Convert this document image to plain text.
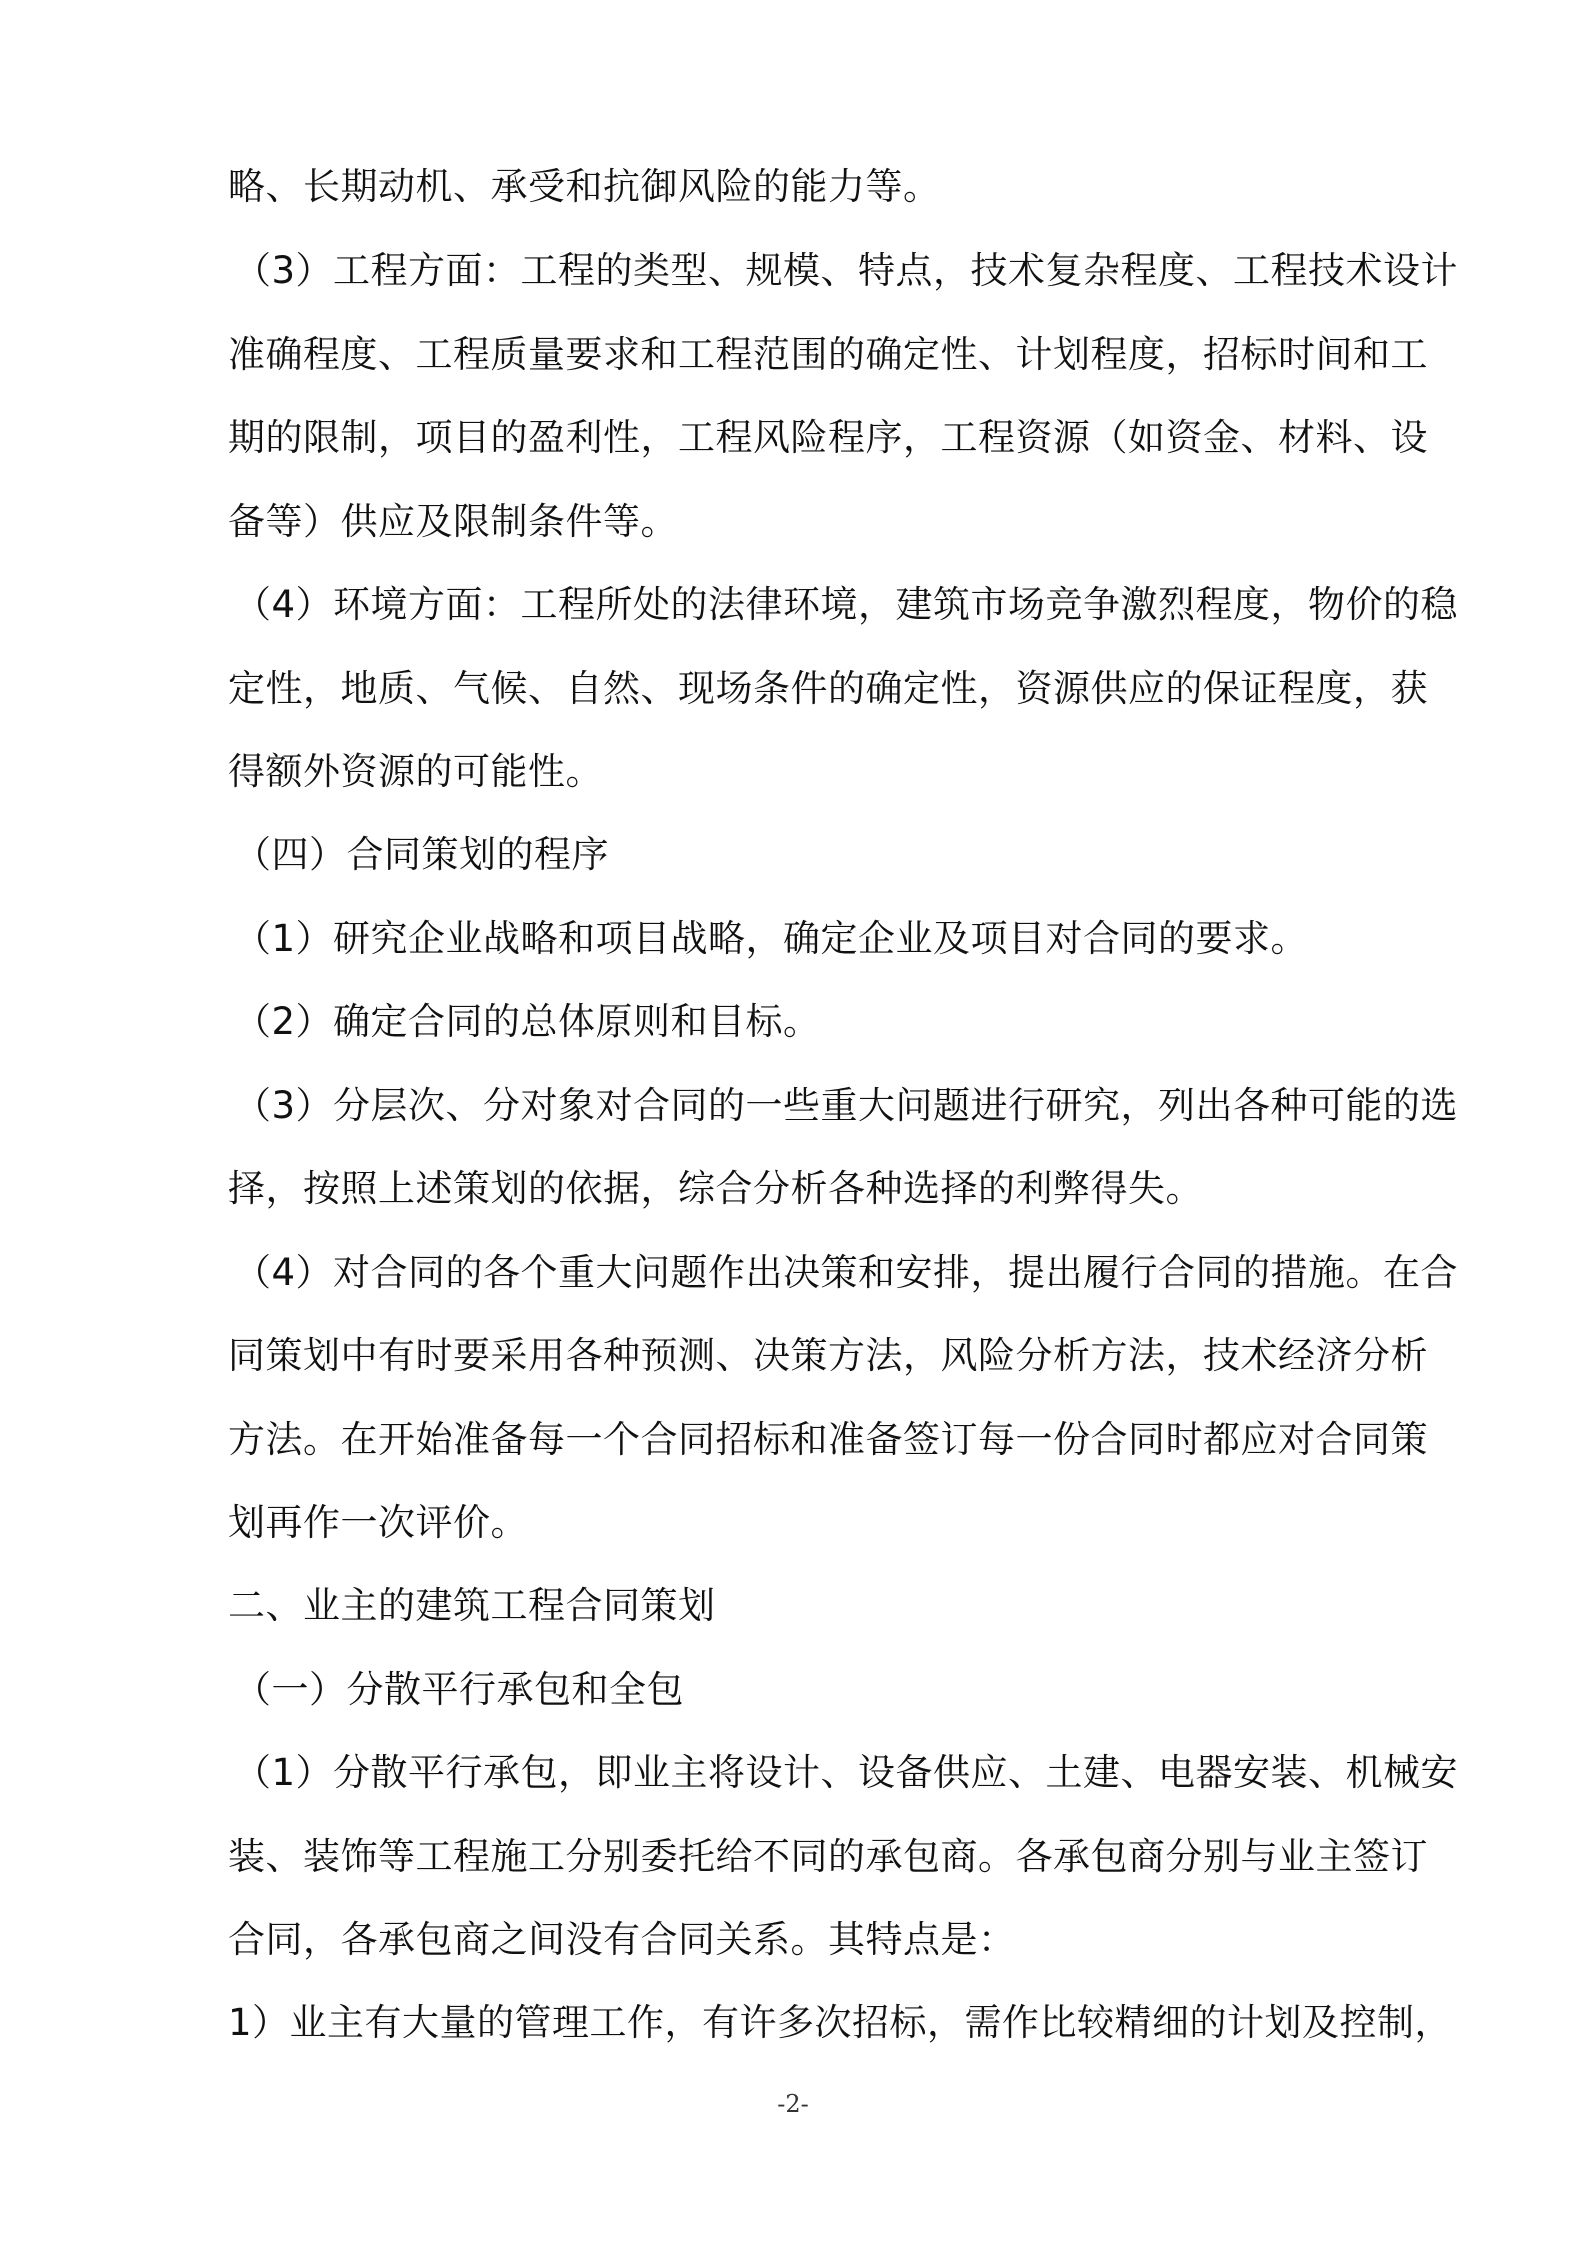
略、长期动机、承受和抗御风险的能力等。
（3）工程方面：工程的类型、规模、特点，技术复杂程度、工程技术设计
准确程度、工程质量要求和工程范围的确定性、计划程度，招标时间和工
期的限制，项目的盈利性，工程风险程序，工程资源（如资金、材料、设
备等）供应及限制条件等。
（4）环境方面：工程所处的法律环境，建筑市场竞争激烈程度，物价的稳
定性，地质、气候、自然、现场条件的确定性，资源供应的保证程度，获
得额外资源的可能性。
（四）合同策划的程序
（1）研究企业战略和项目战略，确定企业及项目对合同的要求。
（2）确定合同的总体原则和目标。
（3）分层次、分对象对合同的一些重大问题进行研究，列出各种可能的选
择，按照上述策划的依据，综合分析各种选择的利弊得失。
（4）对合同的各个重大问题作出决策和安排，提出履行合同的措施。在合
同策划中有时要采用各种预测、决策方法，风险分析方法，技术经济分析
方法。在开始准备每一个合同招标和准备签订每一份合同时都应对合同策
划再作一次评价。
二、业主的建筑工程合同策划
（一）分散平行承包和全包
（1）分散平行承包，即业主将设计、设备供应、土建、电器安装、机械安
装、装饰等工程施工分别委托给不同的承包商。各承包商分别与业主签订
合同，各承包商之间没有合同关系。其特点是：
1）业主有大量的管理工作，有许多次招标，需作比较精细的计划及控制，
-2-
